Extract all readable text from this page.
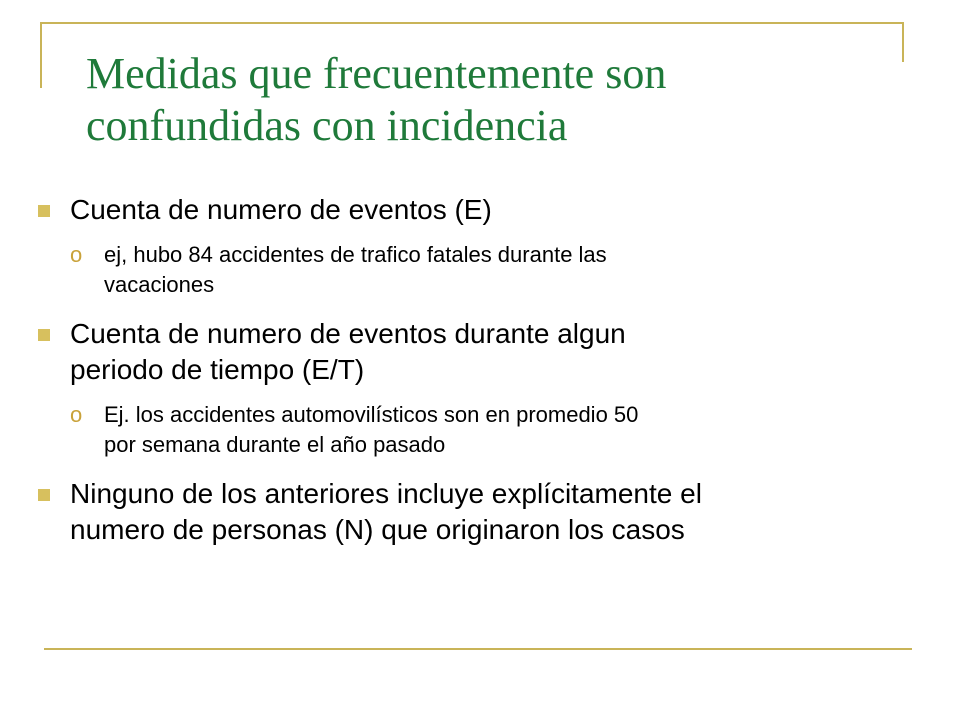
Medidas que frecuentemente son
confundidas con incidencia
Cuenta de numero de eventos (E)
o ej, hubo 84 accidentes de trafico fatales durante las
vacaciones
Cuenta de numero de eventos durante algun
periodo de tiempo (E/T)
o Ej. los accidentes automovilísticos son en promedio 50
por semana durante el año pasado
Ninguno de los anteriores incluye explícitamente el
numero de personas (N) que originaron los casos
